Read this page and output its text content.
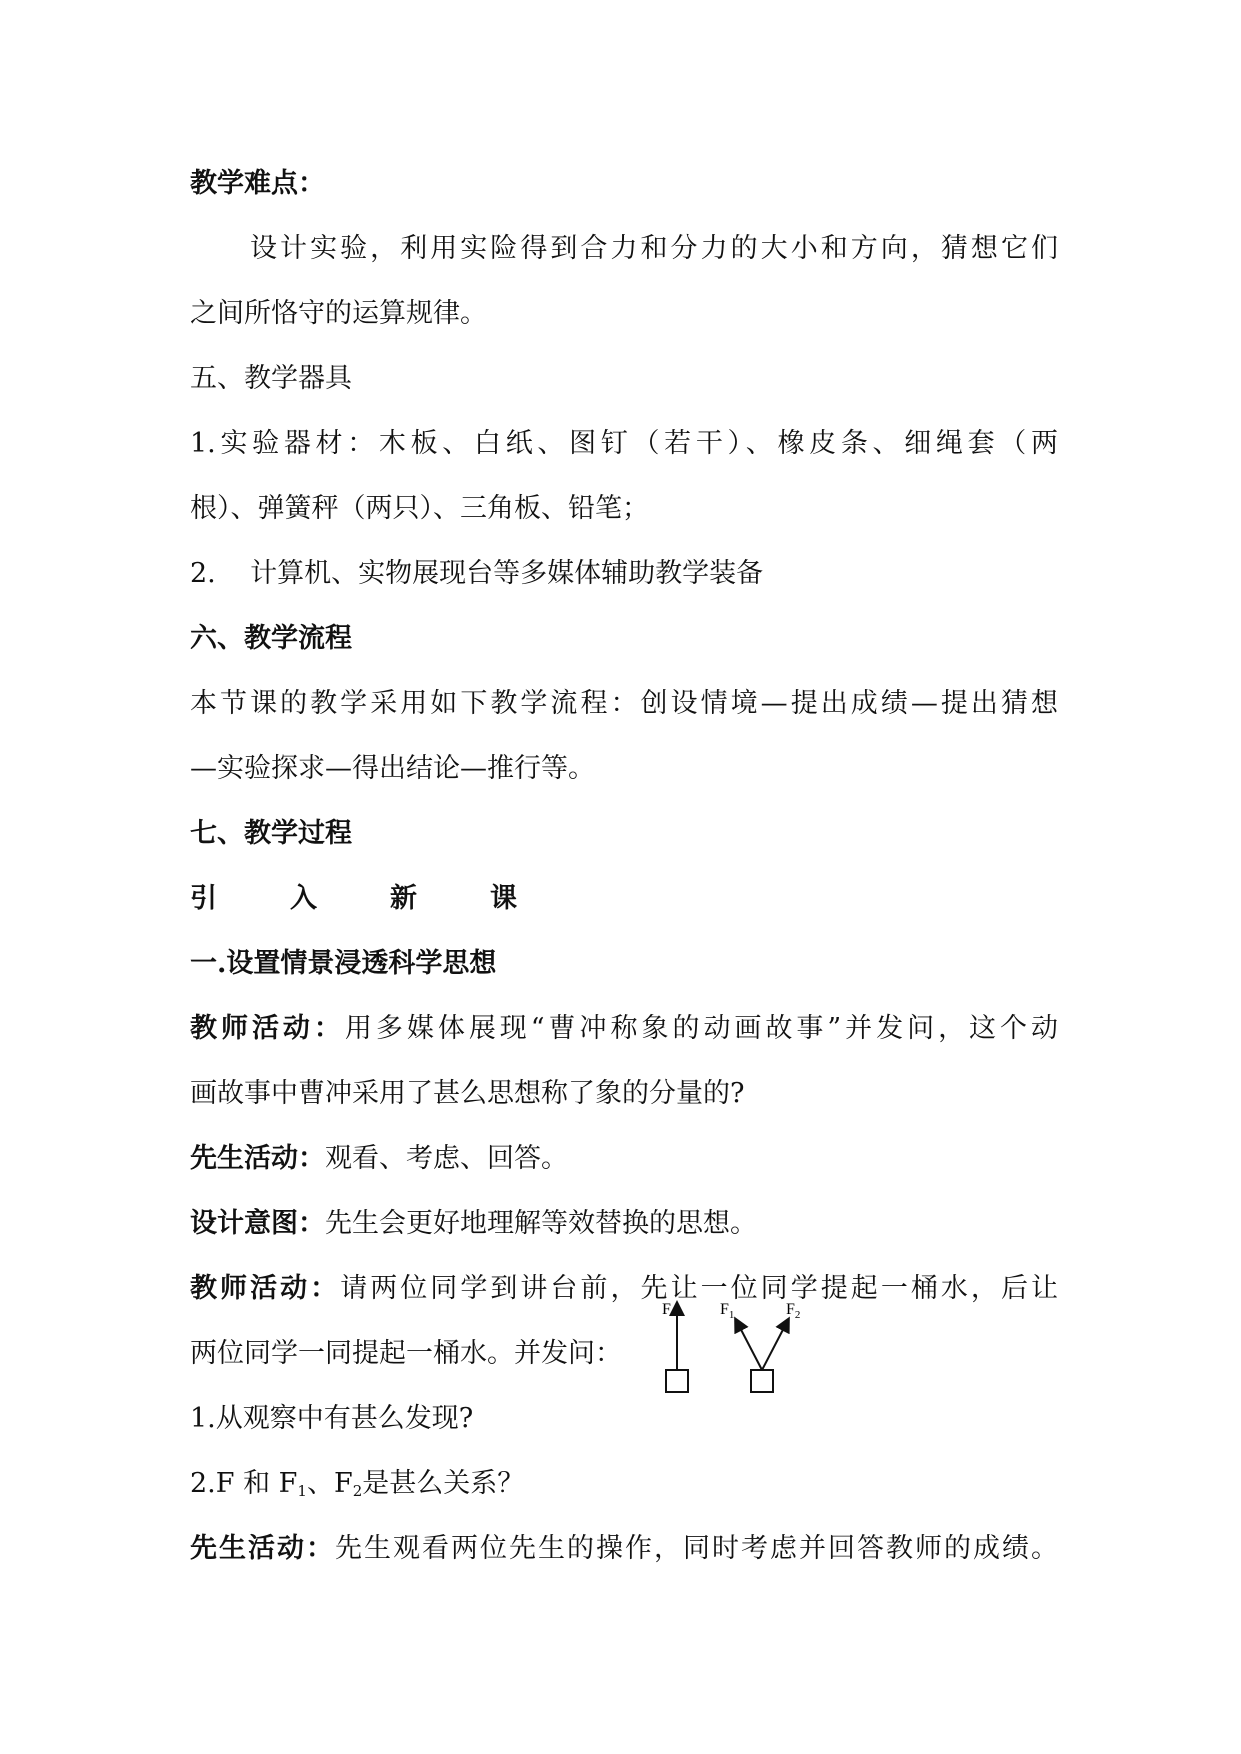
教学难点：

设计实验，利用实险得到合力和分力的大小和方向，猜想它们

之间所恪守的运算规律。

五、教学器具

1.实验器材：木板、白纸、图钉（若干）、橡皮条、细绳套（两

根）、弹簧秤（两只）、三角板、铅笔；

2.    计算机、实物展现台等多媒体辅助教学装备

六、教学流程

本节课的教学采用如下教学流程：创设情境—提出成绩—提出猜想

—实验探求—得出结论—推行等。

七、教学过程

引	入	新	课

一.设置情景浸透科学思想

教师活动：用多媒体展现“曹冲称象的动画故事”并发问，这个动

画故事中曹冲采用了甚么思想称了象的分量的?

先生活动：观看、考虑、回答。

设计意图：先生会更好地理解等效替换的思想。

教师活动：请两位同学到讲台前，先让一位同学提起一桶水，后让

两位同学一同提起一桶水。并发问：

F	$F_1$	$F_2$

1.从观察中有甚么发现?

2.F 和 $F_1$、$F_2$是甚么关系？

先生活动：先生观看两位先生的操作，同时考虑并回答教师的成绩。
